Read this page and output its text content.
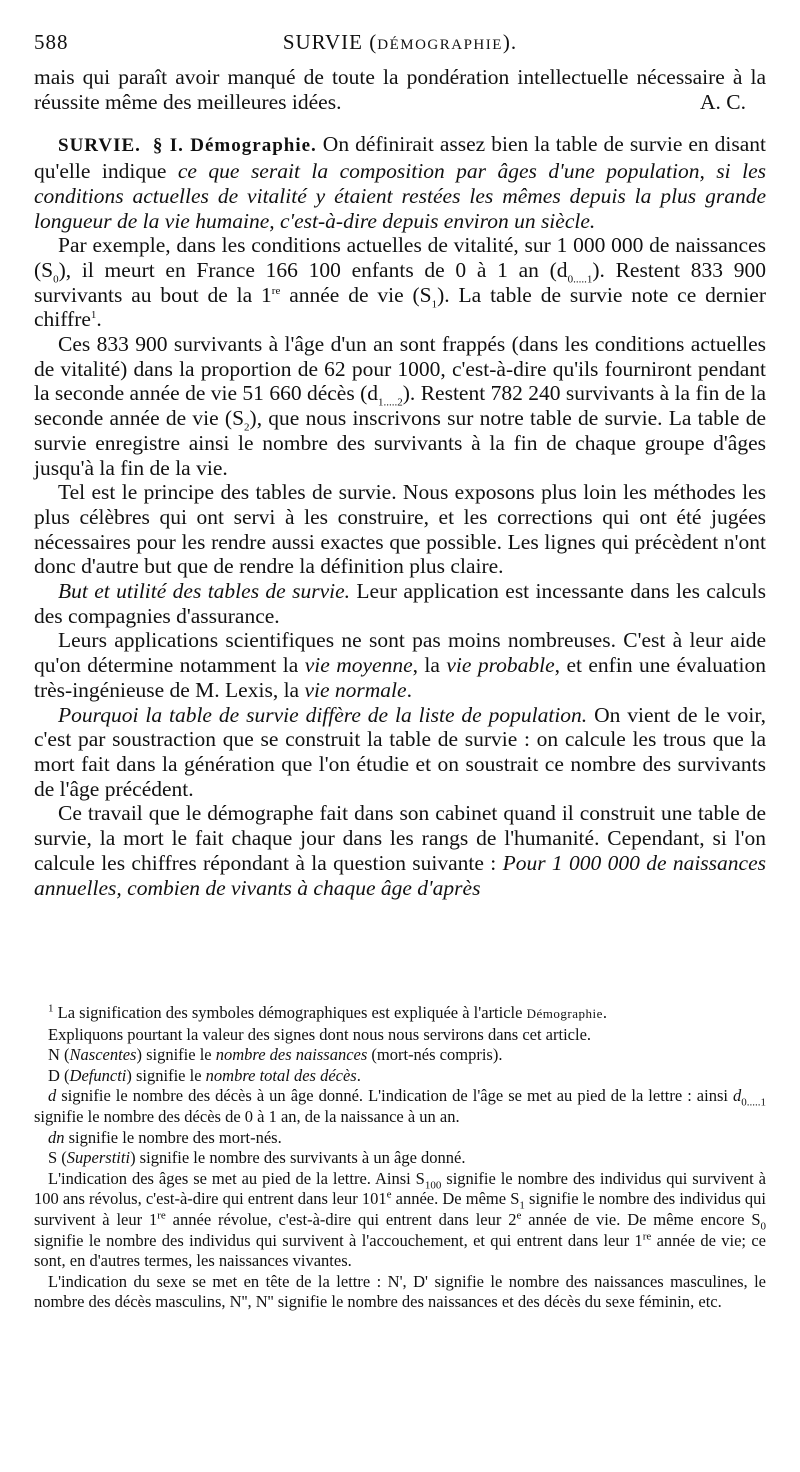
588	SURVIE (DÉMOGRAPHIE).
mais qui paraît avoir manqué de toute la pondération intellectuelle nécessaire à la réussite même des meilleures idées.	A. C.

SURVIE. § I. Démographie. On définirait assez bien la table de survie en disant qu'elle indique ce que serait la composition par âges d'une population, si les conditions actuelles de vitalité y étaient restées les mêmes depuis la plus grande longueur de la vie humaine, c'est-à-dire depuis environ un siècle.

Par exemple, dans les conditions actuelles de vitalité, sur 1 000 000 de naissances $(S_0)$, il meurt en France 166 100 enfants de 0 à 1 an $(d_{0.....1})$. Restent 833 900 survivants au bout de la 1re année de vie $(S_1)$. La table de survie note ce dernier chiffre$^1$.

Ces 833 900 survivants à l'âge d'un an sont frappés (dans les conditions actuelles de vitalité) dans la proportion de 62 pour 1000, c'est-à-dire qu'ils fourniront pendant la seconde année de vie 51 660 décès $(d_{1.....2})$. Restent 782 240 survivants à la fin de la seconde année de vie $(S_2)$, que nous inscrivons sur notre table de survie. La table de survie enregistre ainsi le nombre des survivants à la fin de chaque groupe d'âges jusqu'à la fin de la vie.

Tel est le principe des tables de survie. Nous exposons plus loin les méthodes les plus célèbres qui ont servi à les construire, et les corrections qui ont été jugées nécessaires pour les rendre aussi exactes que possible. Les lignes qui précèdent n'ont donc d'autre but que de rendre la définition plus claire.

But et utilité des tables de survie. Leur application est incessante dans les calculs des compagnies d'assurance.

Leurs applications scientifiques ne sont pas moins nombreuses. C'est à leur aide qu'on détermine notamment la vie moyenne, la vie probable, et enfin une évaluation très-ingénieuse de M. Lexis, la vie normale.

Pourquoi la table de survie diffère de la liste de population. On vient de le voir, c'est par soustraction que se construit la table de survie : on calcule les trous que la mort fait dans la génération que l'on étudie et on soustrait ce nombre des survivants de l'âge précédent.

Ce travail que le démographe fait dans son cabinet quand il construit une table de survie, la mort le fait chaque jour dans les rangs de l'humanité. Cependant, si l'on calcule les chiffres répondant à la question suivante : Pour 1 000 000 de naissances annuelles, combien de vivants à chaque âge d'après

$^1$ La signification des symboles démographiques est expliquée à l'article Démographie.

Expliquons pourtant la valeur des signes dont nous nous servirons dans cet article.

N (Nascentes) signifie le nombre des naissances (mort-nés compris).

D (Defuncti) signifie le nombre total des décès.

d signifie le nombre des décès à un âge donné. L'indication de l'âge se met au pied de la lettre : ainsi $d_{0.....1}$ signifie le nombre des décès de 0 à 1 an, de la naissance à un an.

dn signifie le nombre des mort-nés.

S (Superstiti) signifie le nombre des survivants à un âge donné.

L'indication des âges se met au pied de la lettre. Ainsi $S_{100}$ signifie le nombre des individus qui survivent à 100 ans révolus, c'est-à-dire qui entrent dans leur 101e année. De même $S_1$ signifie le nombre des individus qui survivent à leur 1re année révolue, c'est-à-dire qui entrent dans leur 2e année de vie. De même encore $S_0$ signifie le nombre des individus qui survivent à l'accouchement, et qui entrent dans leur 1re année de vie; ce sont, en d'autres termes, les naissances vivantes.

L'indication du sexe se met en tête de la lettre : N', D' signifie le nombre des naissances masculines, le nombre des décès masculins, N'', N'' signifie le nombre des naissances et des décès du sexe féminin, etc.
